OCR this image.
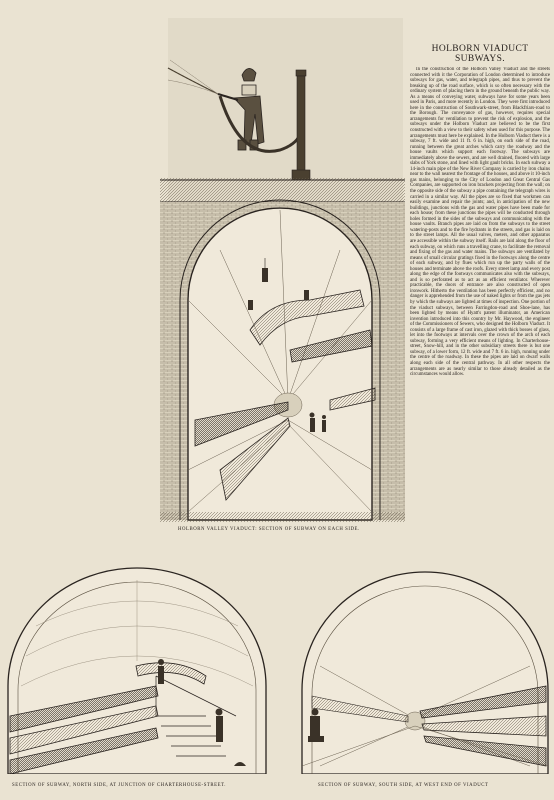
HOLBORN VALLEY VIADUCT: SECTION OF SUBWAY ON EACH SIDE.
HOLBORN VIADUCT SUBWAYS.

In the construction of the Holborn Valley Viaduct and the streets connected with it the Corporation of London determined to introduce subways for gas, water, and telegraph pipes, and thus to prevent the breaking up of the road surface, which is so often necessary with the ordinary system of placing them in the ground beneath the public way. As a means of conveying water, subways have for some years been used in Paris, and more recently in London. They were first introduced here in the construction of Southwark-street, from Blackfriars-road to the Borough. The conveyance of gas, however, requires special arrangements for ventilation to prevent the risk of explosion, and the subways under the Holborn Viaduct are believed to be the first constructed with a view to their safety when used for this purpose. The arrangements must here be explained. In the Holborn Viaduct there is a subway, 7 ft. wide and 11 ft. 6 in. high, on each side of the road, running between the great arches which carry the roadway and the house vaults which support each footway. The subways are immediately above the sewers, and are well drained, floored with large slabs of York stone, and lined with light gault bricks. In each subway a 14-inch main pipe of the New River Company is carried by iron chains near to the wall nearest the frontage of the houses, and above it 10-inch gas mains, belonging to the City of London and Great Central Gas Companies, are supported on iron brackets projecting from the wall; on the opposite side of the subway a pipe containing the telegraph wires is carried in a similar way. All the pipes are so fixed that workmen can easily examine and repair the joints; and, in anticipation of the new buildings, junctions with the gas and water pipes have been made for each house; from these junctions the pipes will be conducted through holes formed in the sides of the subways and communicating with the house vaults. Branch pipes are laid on from the subways to the street watering-posts and to the fire hydrants in the streets, and gas is laid on to the street lamps. All the usual valves, meters, and other apparatus are accessible within the subway itself. Rails are laid along the floor of each subway, on which runs a travelling crane, to facilitate the removal and fixing of the gas and water mains. The subways are ventilated by means of small circular gratings fixed in the footways along the centre of each subway, and by flues which run up the party walls of the houses and terminate above the roofs. Every street lamp and every post along the edge of the footways communicates also with the subways, and is so perforated as to act as an efficient ventilator. Wherever practicable, the doors of entrance are also constructed of open ironwork. Hitherto the ventilation has been perfectly efficient, and no danger is apprehended from the use of naked lights or from the gas jets by which the subways are lighted at times of inspection. One portion of the viaduct subways, between Farringdon-road and Shoe-lane, has been lighted by means of Hyatt's patent illuminator, an American invention introduced into this country by Mr. Haywood, the engineer of the Commissioners of Sewers, who designed the Holborn Viaduct. It consists of a large frame of cast iron, glazed with thick bosses of glass, let into the footways at intervals over the crown of the arch of each subway, forming a very efficient means of lighting. In Charterhouse-street, Snow-hill, and in the other subsidiary streets there is but one subway, of a lower form, 12 ft. wide and 7 ft. 6 in. high, running under the centre of the roadway. In these the pipes are laid on dwarf walls along each side of the central pathway. In all other respects the arrangements are as nearly similar to those already detailed as the circumstances would allow.

SECTION OF SUBWAY, NORTH SIDE, AT JUNCTION OF CHARTERHOUSE-STREET.	SECTION OF SUBWAY, SOUTH SIDE, AT WEST END OF VIADUCT
